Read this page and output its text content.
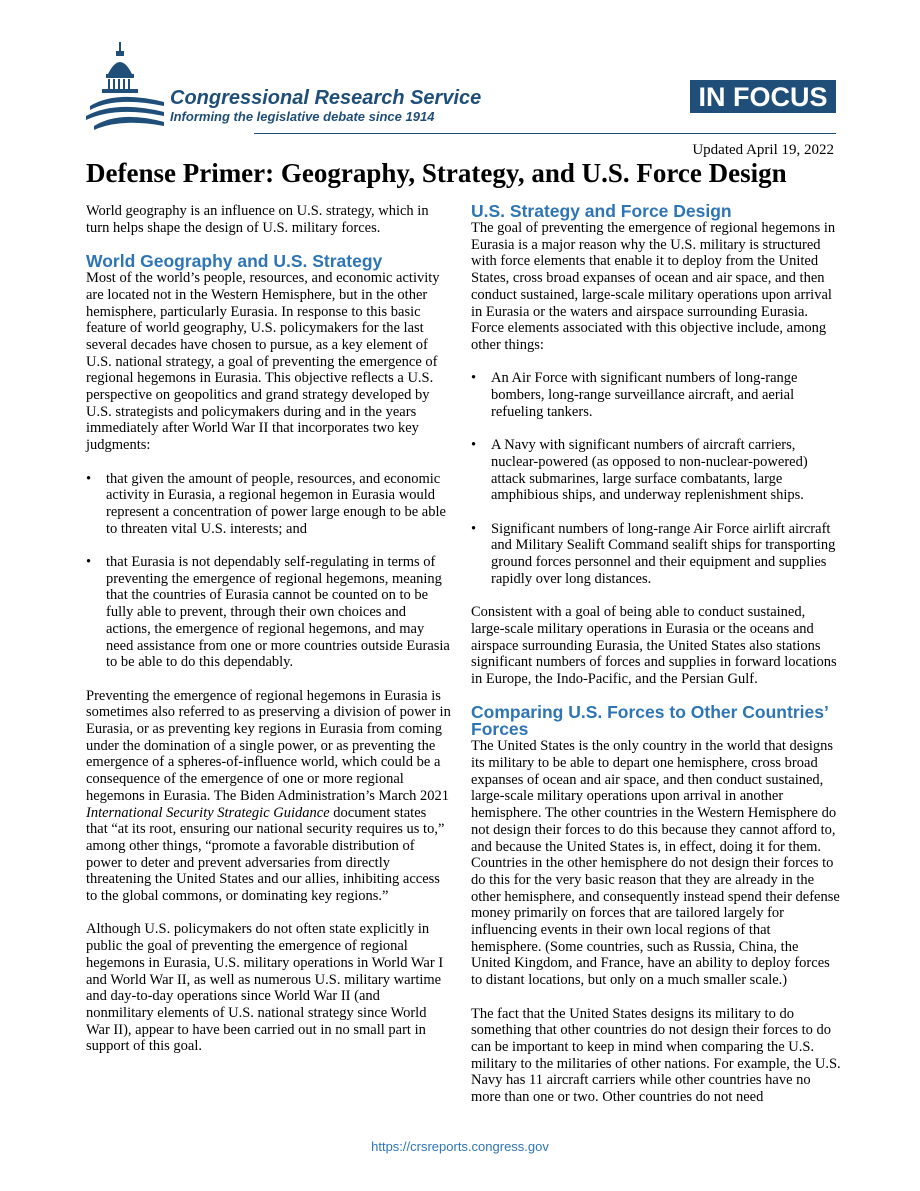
Congressional Research Service
Informing the legislative debate since 1914
IN FOCUS
Updated April 19, 2022
Defense Primer: Geography, Strategy, and U.S. Force Design

World geography is an influence on U.S. strategy, which in turn helps shape the design of U.S. military forces.

World Geography and U.S. Strategy

Most of the world’s people, resources, and economic activity are located not in the Western Hemisphere, but in the other hemisphere, particularly Eurasia. In response to this basic feature of world geography, U.S. policymakers for the last several decades have chosen to pursue, as a key element of U.S. national strategy, a goal of preventing the emergence of regional hegemons in Eurasia. This objective reflects a U.S. perspective on geopolitics and grand strategy developed by U.S. strategists and policymakers during and in the years immediately after World War II that incorporates two key judgments:

• that given the amount of people, resources, and economic activity in Eurasia, a regional hegemon in Eurasia would represent a concentration of power large enough to be able to threaten vital U.S. interests; and
• that Eurasia is not dependably self-regulating in terms of preventing the emergence of regional hegemons, meaning that the countries of Eurasia cannot be counted on to be fully able to prevent, through their own choices and actions, the emergence of regional hegemons, and may need assistance from one or more countries outside Eurasia to be able to do this dependably.

Preventing the emergence of regional hegemons in Eurasia is sometimes also referred to as preserving a division of power in Eurasia, or as preventing key regions in Eurasia from coming under the domination of a single power, or as preventing the emergence of a spheres-of-influence world, which could be a consequence of the emergence of one or more regional hegemons in Eurasia. The Biden Administration’s March 2021 International Security Strategic Guidance document states that “at its root, ensuring our national security requires us to,” among other things, “promote a favorable distribution of power to deter and prevent adversaries from directly threatening the United States and our allies, inhibiting access to the global commons, or dominating key regions.”

Although U.S. policymakers do not often state explicitly in public the goal of preventing the emergence of regional hegemons in Eurasia, U.S. military operations in World War I and World War II, as well as numerous U.S. military wartime and day-to-day operations since World War II (and nonmilitary elements of U.S. national strategy since World War II), appear to have been carried out in no small part in support of this goal.

U.S. Strategy and Force Design

The goal of preventing the emergence of regional hegemons in Eurasia is a major reason why the U.S. military is structured with force elements that enable it to deploy from the United States, cross broad expanses of ocean and air space, and then conduct sustained, large-scale military operations upon arrival in Eurasia or the waters and airspace surrounding Eurasia. Force elements associated with this objective include, among other things:

• An Air Force with significant numbers of long-range bombers, long-range surveillance aircraft, and aerial refueling tankers.
• A Navy with significant numbers of aircraft carriers, nuclear-powered (as opposed to non-nuclear-powered) attack submarines, large surface combatants, large amphibious ships, and underway replenishment ships.
• Significant numbers of long-range Air Force airlift aircraft and Military Sealift Command sealift ships for transporting ground forces personnel and their equipment and supplies rapidly over long distances.

Consistent with a goal of being able to conduct sustained, large-scale military operations in Eurasia or the oceans and airspace surrounding Eurasia, the United States also stations significant numbers of forces and supplies in forward locations in Europe, the Indo-Pacific, and the Persian Gulf.

Comparing U.S. Forces to Other Countries’ Forces

The United States is the only country in the world that designs its military to be able to depart one hemisphere, cross broad expanses of ocean and air space, and then conduct sustained, large-scale military operations upon arrival in another hemisphere. The other countries in the Western Hemisphere do not design their forces to do this because they cannot afford to, and because the United States is, in effect, doing it for them. Countries in the other hemisphere do not design their forces to do this for the very basic reason that they are already in the other hemisphere, and consequently instead spend their defense money primarily on forces that are tailored largely for influencing events in their own local regions of that hemisphere. (Some countries, such as Russia, China, the United Kingdom, and France, have an ability to deploy forces to distant locations, but only on a much smaller scale.)

The fact that the United States designs its military to do something that other countries do not design their forces to do can be important to keep in mind when comparing the U.S. military to the militaries of other nations. For example, the U.S. Navy has 11 aircraft carriers while other countries have no more than one or two. Other countries do not need

https://crsreports.congress.gov
